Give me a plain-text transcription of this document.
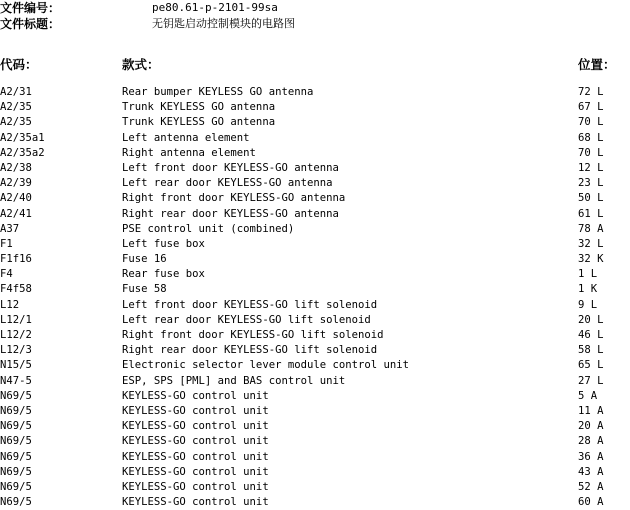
文件编号：	pe80.61-p-2101-99sa
文件标题：	无钥匙启动控制模块的电路图
代码：	款式：	位置：
A2/31	Rear bumper KEYLESS GO antenna	72 L
A2/35	Trunk KEYLESS GO antenna	67 L
A2/35	Trunk KEYLESS GO antenna	70 L
A2/35a1	Left antenna element	68 L
A2/35a2	Right antenna element	70 L
A2/38	Left front door KEYLESS-GO antenna	12 L
A2/39	Left rear door KEYLESS-GO antenna	23 L
A2/40	Right front door KEYLESS-GO antenna	50 L
A2/41	Right rear door KEYLESS-GO antenna	61 L
A37	PSE control unit (combined)	78 A
F1	Left fuse box	32 L
F1f16	Fuse 16	32 K
F4	Rear fuse box	1 L
F4f58	Fuse 58	1 K
L12	Left front door KEYLESS-GO lift solenoid	9 L
L12/1	Left rear door KEYLESS-GO lift solenoid	20 L
L12/2	Right front door KEYLESS-GO lift solenoid	46 L
L12/3	Right rear door KEYLESS-GO lift solenoid	58 L
N15/5	Electronic selector lever module control unit	65 L
N47-5	ESP, SPS [PML] and BAS control unit	27 L
N69/5	KEYLESS-GO control unit	5 A
N69/5	KEYLESS-GO control unit	11 A
N69/5	KEYLESS-GO control unit	20 A
N69/5	KEYLESS-GO control unit	28 A
N69/5	KEYLESS-GO control unit	36 A
N69/5	KEYLESS-GO control unit	43 A
N69/5	KEYLESS-GO control unit	52 A
N69/5	KEYLESS-GO control unit	60 A
